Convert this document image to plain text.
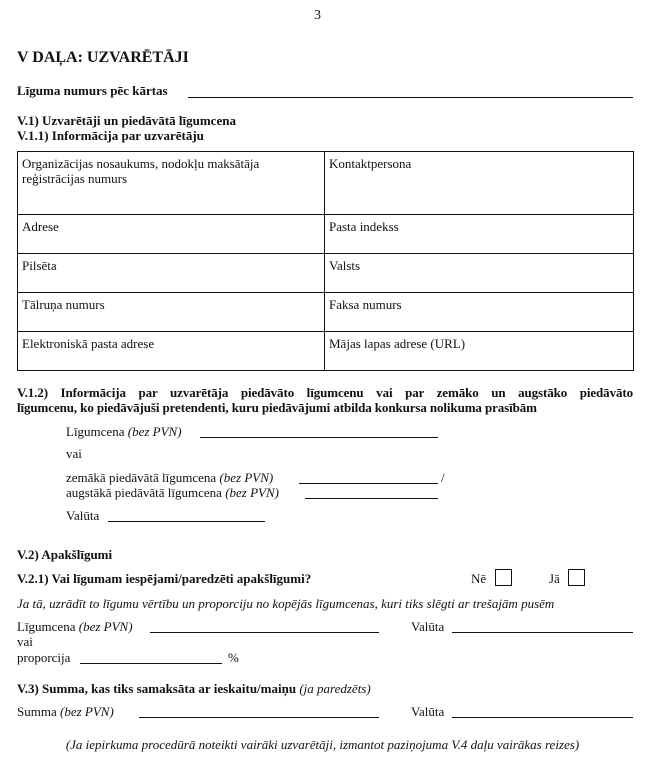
3
V DAĻA: UZVARĒTĀJI
Līguma numurs pēc kārtas
V.1) Uzvarētāji un piedāvātā līgumcena
V.1.1) Informācija par uzvarētāju
Organizācijas nosaukums, nodokļu maksātāja reģistrācijas numurs	Kontaktpersona
Adrese	Pasta indekss
Pilsēta	Valsts
Tālruņa numurs	Faksa numurs
Elektroniskā pasta adrese	Mājas lapas adrese (URL)
V.1.2) Informācija par uzvarētāja piedāvāto līgumcenu vai par zemāko un augstāko piedāvāto
līgumcenu, ko piedāvājuši pretendenti, kuru piedāvājumi atbilda konkursa nolikuma prasībām
Līgumcena (bez PVN)
vai
zemākā piedāvātā līgumcena (bez PVN)	/
augstākā piedāvātā līgumcena (bez PVN)
Valūta
V.2) Apakšlīgumi
V.2.1) Vai līgumam iespējami/paredzēti apakšlīgumi?	Nē	Jā
Ja tā, uzrādīt to līgumu vērtību un proporciju no kopējās līgumcenas, kuri tiks slēgti ar trešajām pusēm
Līgumcena (bez PVN)	Valūta
vai
proporcija	%
V.3) Summa, kas tiks samaksāta ar ieskaitu/maiņu (ja paredzēts)
Summa (bez PVN)	Valūta
(Ja iepirkuma procedūrā noteikti vairāki uzvarētāji, izmantot paziņojuma V.4 daļu vairākas reizes)
